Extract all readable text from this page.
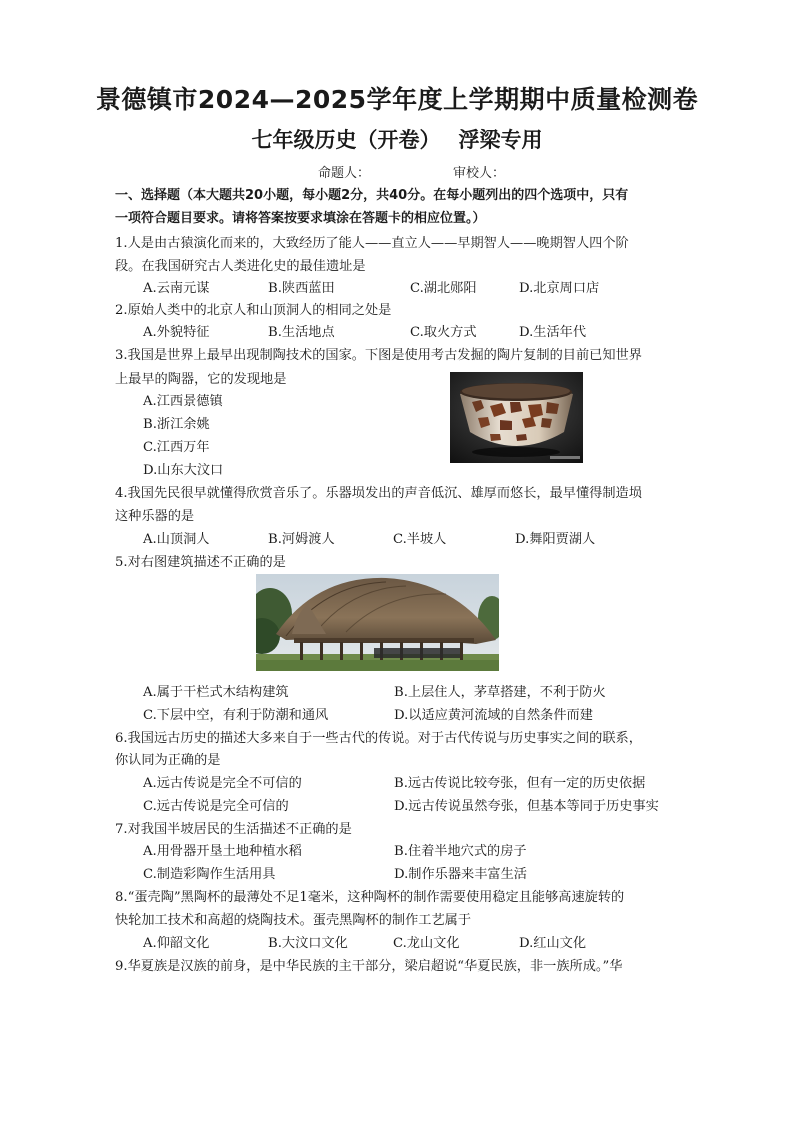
景德镇市2024—2025学年度上学期期中质量检测卷
七年级历史（开卷） 浮梁专用
命题人：	审校人：
一、选择题（本大题共20小题，每小题2分，共40分。在每小题列出的四个选项中，只有
一项符合题目要求。请将答案按要求填涂在答题卡的相应位置。）
1.人是由古猿演化而来的，大致经历了能人——直立人——早期智人——晚期智人四个阶
段。在我国研究古人类进化史的最佳遗址是
A.云南元谋	B.陕西蓝田	C.湖北郧阳	D.北京周口店
2.原始人类中的北京人和山顶洞人的相同之处是
A.外貌特征	B.生活地点	C.取火方式	D.生活年代
3.我国是世界上最早出现制陶技术的国家。下图是使用考古发掘的陶片复制的目前已知世界
上最早的陶器，它的发现地是
A.江西景德镇
B.浙江余姚
C.江西万年
D.山东大汶口
4.我国先民很早就懂得欣赏音乐了。乐器埙发出的声音低沉、雄厚而悠长，最早懂得制造埙
这种乐器的是
A.山顶洞人	B.河姆渡人	C.半坡人	D.舞阳贾湖人
5.对右图建筑描述不正确的是
A.属于干栏式木结构建筑	B.上层住人，茅草搭建，不利于防火
C.下层中空，有利于防潮和通风	D.以适应黄河流域的自然条件而建
6.我国远古历史的描述大多来自于一些古代的传说。对于古代传说与历史事实之间的联系，
你认同为正确的是
A.远古传说是完全不可信的	B.远古传说比较夸张，但有一定的历史依据
C.远古传说是完全可信的	D.远古传说虽然夸张，但基本等同于历史事实
7.对我国半坡居民的生活描述不正确的是
A.用骨器开垦土地种植水稻	B.住着半地穴式的房子
C.制造彩陶作生活用具	D.制作乐器来丰富生活
8.“蛋壳陶”黑陶杯的最薄处不足1毫米，这种陶杯的制作需要使用稳定且能够高速旋转的
快轮加工技术和高超的烧陶技术。蛋壳黑陶杯的制作工艺属于
A.仰韶文化	B.大汶口文化	C.龙山文化	D.红山文化
9.华夏族是汉族的前身，是中华民族的主干部分，梁启超说“华夏民族，非一族所成。”华
